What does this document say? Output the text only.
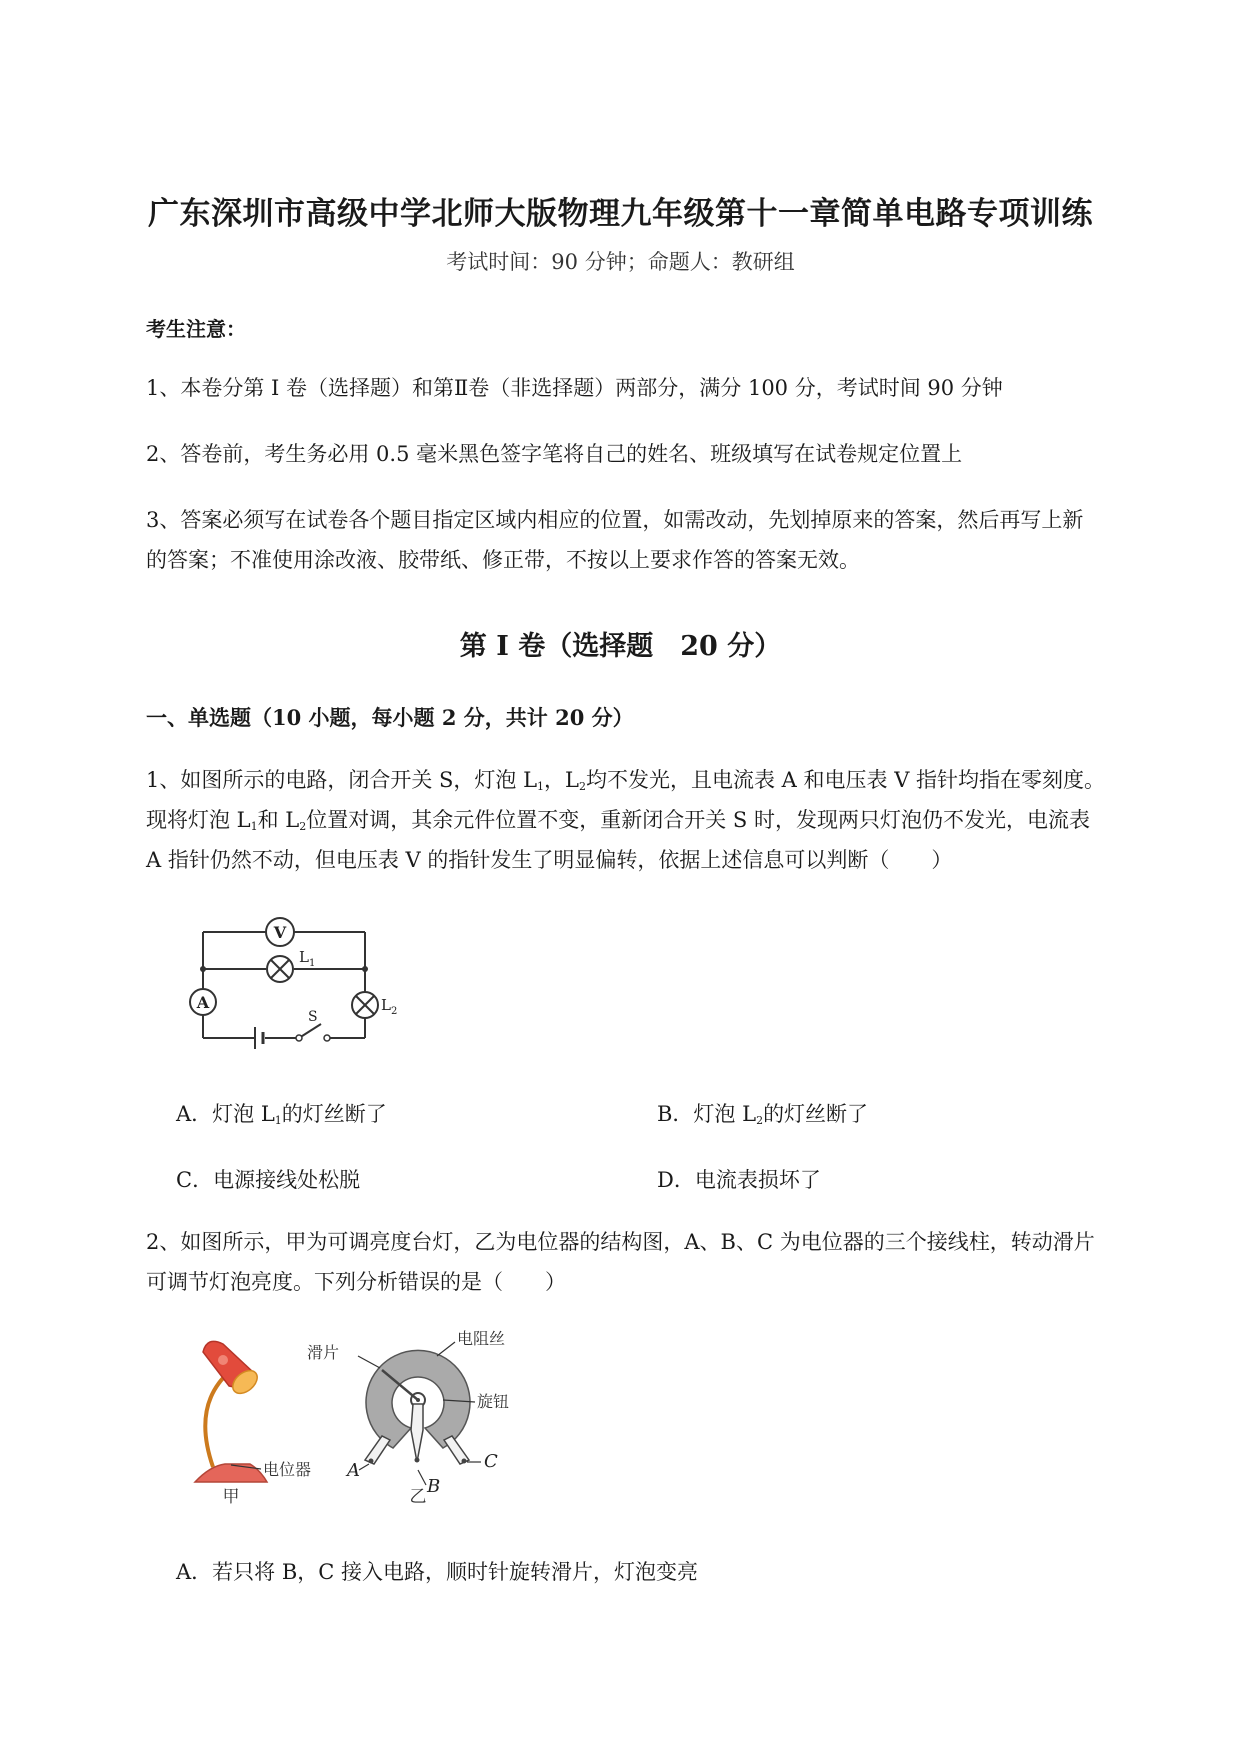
广东深圳市高级中学北师大版物理九年级第十一章简单电路专项训练
考试时间：90 分钟；命题人：教研组
考生注意：
1、本卷分第 I 卷（选择题）和第Ⅱ卷（非选择题）两部分，满分 100 分，考试时间 90 分钟
2、答卷前，考生务必用 0.5 毫米黑色签字笔将自己的姓名、班级填写在试卷规定位置上
3、答案必须写在试卷各个题目指定区域内相应的位置，如需改动，先划掉原来的答案，然后再写上新
的答案；不准使用涂改液、胶带纸、修正带，不按以上要求作答的答案无效。
第 I 卷（选择题　20 分）
一、单选题（10 小题，每小题 2 分，共计 20 分）
1、如图所示的电路，闭合开关 S，灯泡 $L_1$，$L_2$均不发光，且电流表 A 和电压表 V 指针均指在零刻度。
现将灯泡 $L_1$和 $L_2$位置对调，其余元件位置不变，重新闭合开关 S 时，发现两只灯泡仍不发光，电流表
A 指针仍然不动，但电压表 V 的指针发生了明显偏转，依据上述信息可以判断（　　）
V
$L_1$
A	$L_2$
S
A．灯泡 $L_1$的灯丝断了	B．灯泡 $L_2$的灯丝断了
C．电源接线处松脱	D．电流表损坏了
2、如图所示，甲为可调亮度台灯，乙为电位器的结构图，A、B、C 为电位器的三个接线柱，转动滑片
可调节灯泡亮度。下列分析错误的是（　　）
电位器
甲
滑片
电阻丝
旋钮
A
B
C
乙
A．若只将 B，C 接入电路，顺时针旋转滑片，灯泡变亮
